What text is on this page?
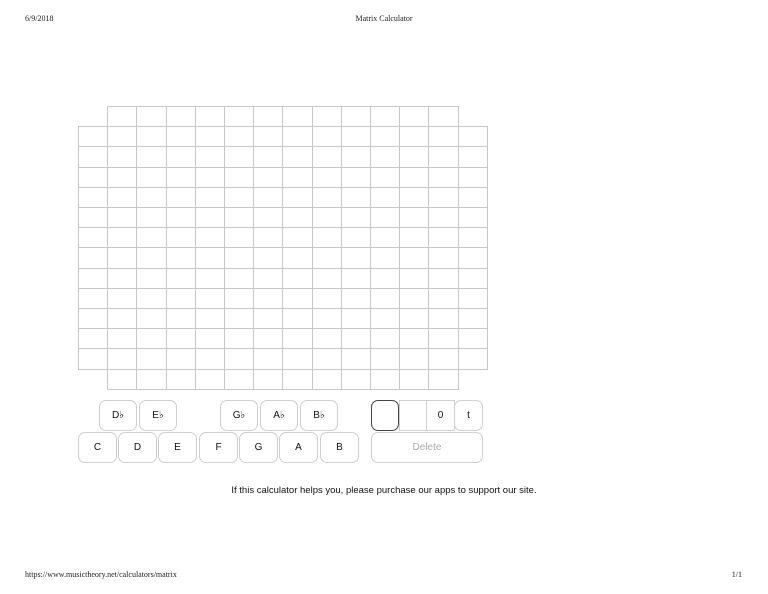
6/9/2018	Matrix Calculator
D♭	E♭	G♭	A♭	B♭
C	D	E	F	G	A	B
0	t
Delete
If this calculator helps you, please purchase our apps to support our site.
https://www.musictheory.net/calculators/matrix	1/1
